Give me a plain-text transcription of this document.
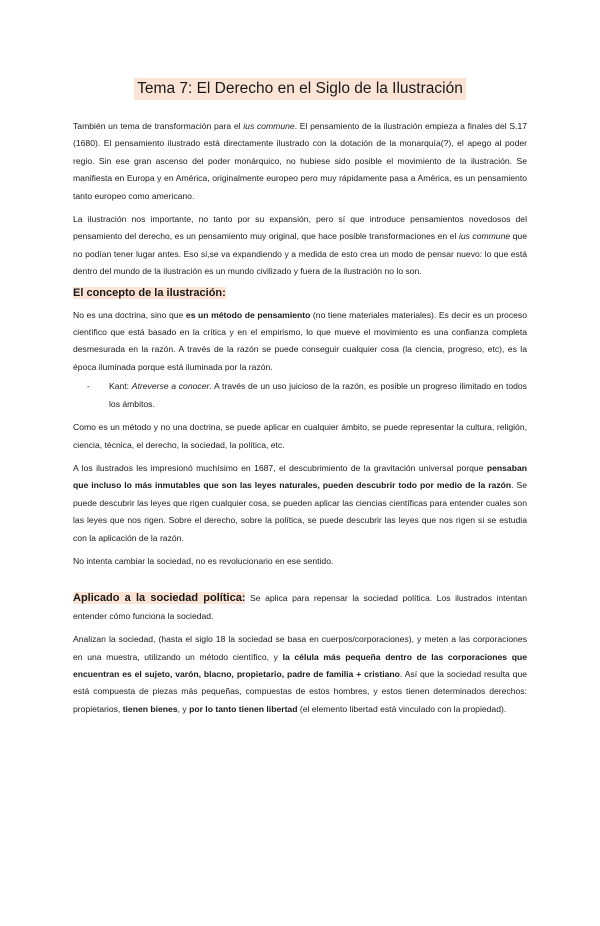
Tema 7: El Derecho en el Siglo de la Ilustración

También un tema de transformación para el ius commune. El pensamiento de la ilustración empieza a finales del S.17 (1680). El pensamiento ilustrado está directamente ilustrado con la dotación de la monarquía(?), el apego al poder regio. Sin ese gran ascenso del poder monárquico, no hubiese sido posible el movimiento de la ilustración. Se manifiesta en Europa y en América, originalmente europeo pero muy rápidamente pasa a América, es un pensamiento tanto europeo como americano.

La ilustración nos importante, no tanto por su expansión, pero sí que introduce pensamientos novedosos del pensamiento del derecho, es un pensamiento muy original, que hace posible transformaciones en el ius commune que no podían tener lugar antes. Eso si,se va expandiendo y a medida de esto crea un modo de pensar nuevo: lo que está dentro del mundo de la ilustración es un mundo civilizado y fuera de la ilustración no lo son.

El concepto de la ilustración:

No es una doctrina, sino que es un método de pensamiento (no tiene materiales materiales). Es decir es un proceso científico que está basado en la crítica y en el empirismo, lo que mueve el movimiento es una confianza completa desmesurada en la razón. A través de la razón se puede conseguir cualquier cosa (la ciencia, progreso, etc), es la época iluminada porque está iluminada por la razón.

-	Kant: Atreverse a conocer. A través de un uso juicioso de la razón, es posible un progreso ilimitado en todos los ámbitos.

Como es un método y no una doctrina, se puede aplicar en cualquier ámbito, se puede representar la cultura, religión, ciencia, técnica, el derecho, la sociedad, la política, etc.

A los ilustrados les impresionó muchísimo en 1687, el descubrimiento de la gravitación universal porque pensaban que incluso lo más inmutables que son las leyes naturales, pueden descubrir todo por medio de la razón. Se puede descubrir las leyes que rigen cualquier cosa, se pueden aplicar las ciencias científicas para entender cuales son las leyes que nos rigen. Sobre el derecho, sobre la política, se puede descubrir las leyes que nos rigen si se estudia con la aplicación de la razón.

No intenta cambiar la sociedad, no es revolucionario en ese sentido.

Aplicado a la sociedad política: Se aplica para repensar la sociedad política. Los ilustrados intentan entender cómo funciona la sociedad.

Analizan la sociedad, (hasta el siglo 18 la sociedad se basa en cuerpos/corporaciones), y meten a las corporaciones en una muestra, utilizando un método científico, y la célula más pequeña dentro de las corporaciones que encuentran es el sujeto, varón, blacno, propietario, padre de familia + cristiano. Así que la sociedad resulta que está compuesta de piezas más pequeñas, compuestas de estos hombres, y estos tienen determinados derechos: propietarios, tienen bienes, y por lo tanto tienen libertad (el elemento libertad está vinculado con la propiedad).
